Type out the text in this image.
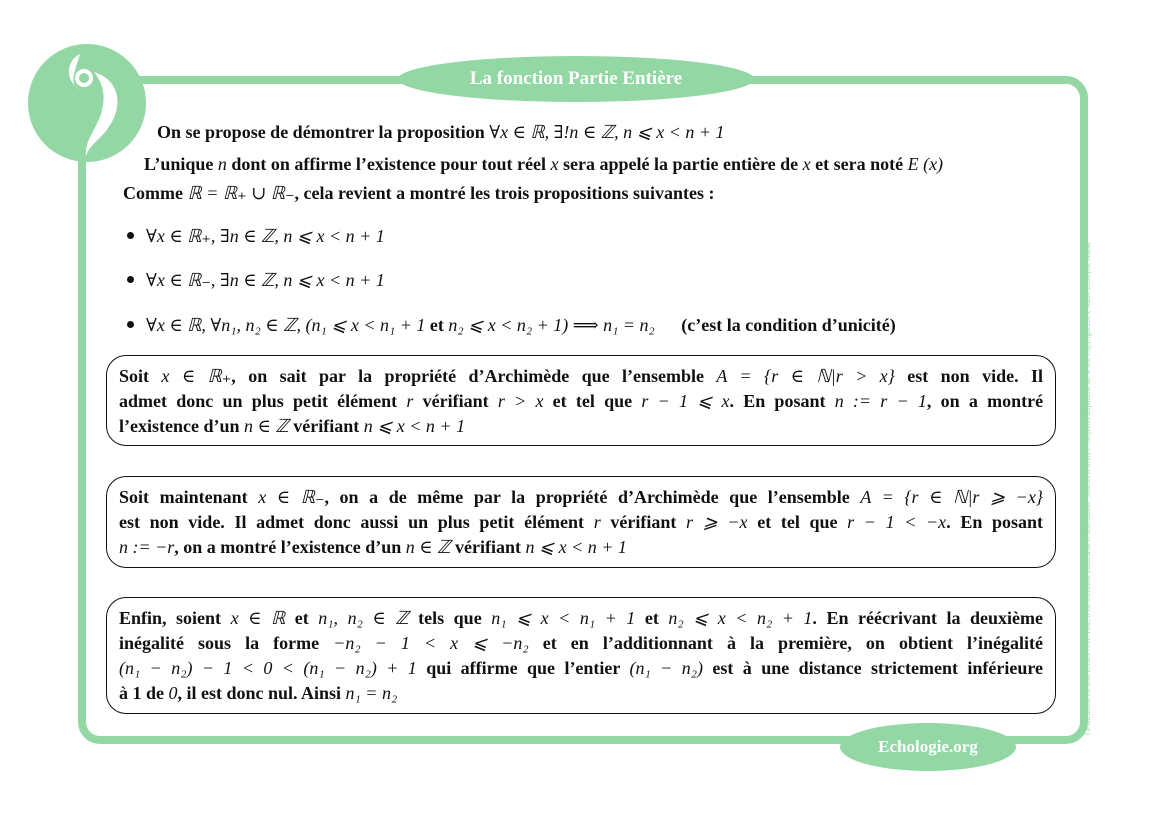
La fonction Partie Entière
Echologie.org
Ce document est sous licence GNU FDL, il est librement modifiable et distribuable. Sources et licence complètes disponible sur le site Copyright 2015, Jean-Christophe Janeau
On se propose de démontrer la proposition ∀x ∈ ℝ, ∃!n ∈ ℤ, n ⩽ x < n + 1
L’unique n dont on affirme l’existence pour tout réel x sera appelé la partie entière de x et sera noté E (x)
Comme ℝ = ℝ₊ ∪ ℝ₋, cela revient a montré les trois propositions suivantes :
∀x ∈ ℝ₊, ∃n ∈ ℤ, n ⩽ x < n + 1
∀x ∈ ℝ₋, ∃n ∈ ℤ, n ⩽ x < n + 1
∀x ∈ ℝ, ∀n₁, n₂ ∈ ℤ, (n₁ ⩽ x < n₁ + 1 et n₂ ⩽ x < n₂ + 1) ⟹ n₁ = n₂ (c’est la condition d’unicité)
Soit x ∈ ℝ₊, on sait par la propriété d’Archimède que l’ensemble A = {r ∈ ℕ|r > x} est non vide. Il
admet donc un plus petit élément r vérifiant r > x et tel que r − 1 ⩽ x. En posant n := r − 1, on a montré
l’existence d’un n ∈ ℤ vérifiant n ⩽ x < n + 1
Soit maintenant x ∈ ℝ₋, on a de même par la propriété d’Archimède que l’ensemble A = {r ∈ ℕ|r ⩾ −x}
est non vide. Il admet donc aussi un plus petit élément r vérifiant r ⩾ −x et tel que r − 1 < −x. En posant
n := −r, on a montré l’existence d’un n ∈ ℤ vérifiant n ⩽ x < n + 1
Enfin, soient x ∈ ℝ et n₁, n₂ ∈ ℤ tels que n₁ ⩽ x < n₁ + 1 et n₂ ⩽ x < n₂ + 1. En réécrivant la deuxième
inégalité sous la forme −n₂ − 1 < x ⩽ −n₂ et en l’additionnant à la première, on obtient l’inégalité
(n₁ − n₂) − 1 < 0 < (n₁ − n₂) + 1 qui affirme que l’entier (n₁ − n₂) est à une distance strictement inférieure
à 1 de 0, il est donc nul. Ainsi n₁ = n₂
